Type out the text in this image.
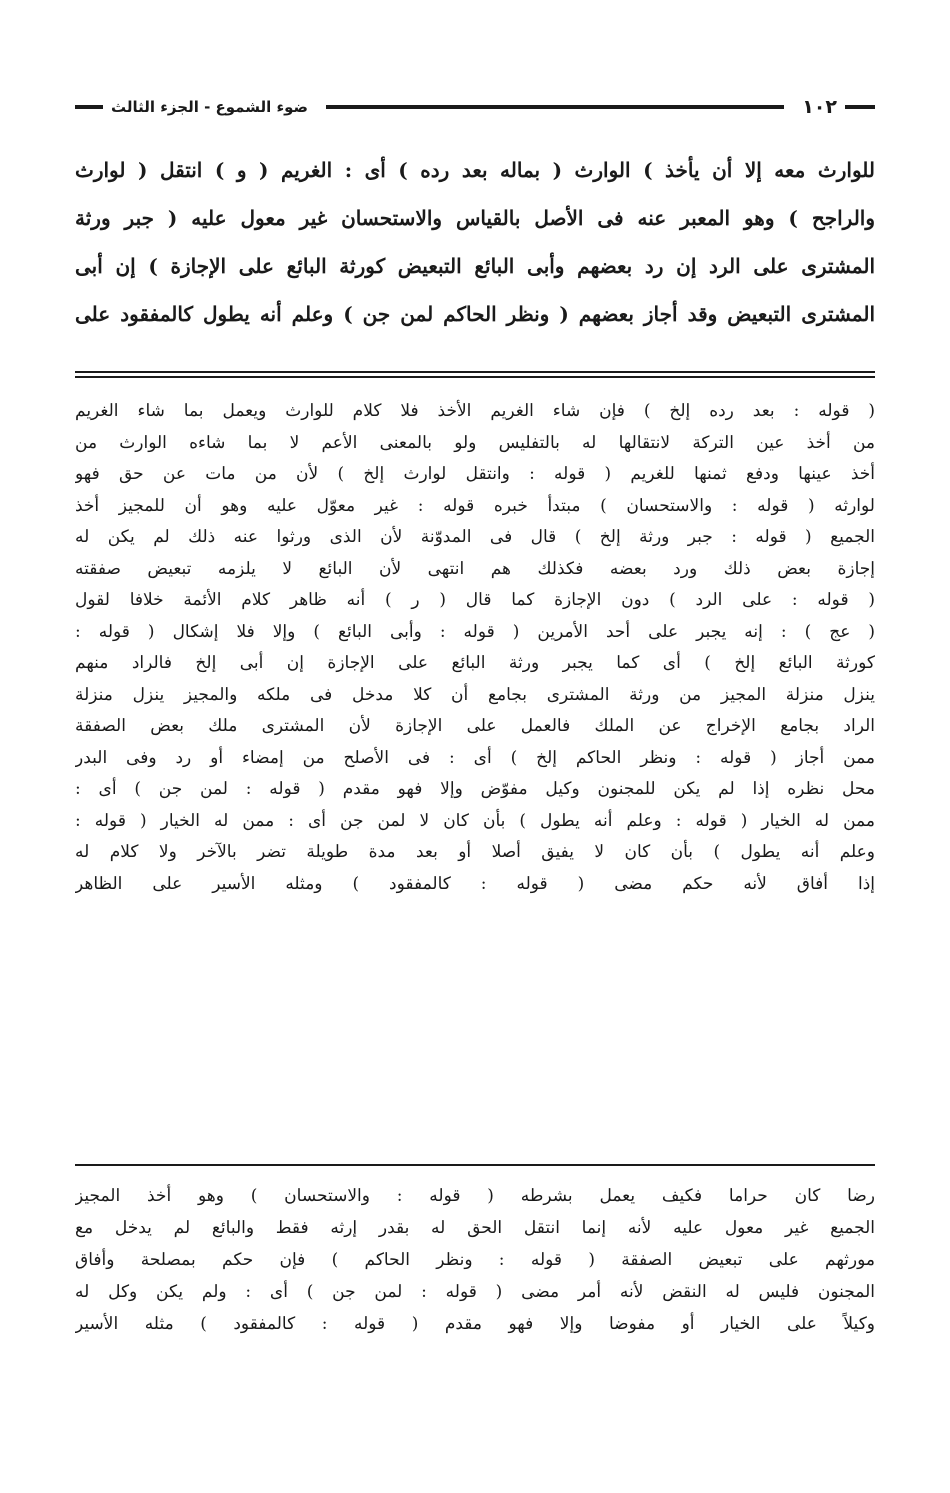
١٠٢
ضوء الشموع - الجزء الثالث
للوارث معه إلا أن يأخذ ) الوارث ( بماله بعد رده ) أى : الغريم ( و ) انتقل ( لوارث
والراجح ) وهو المعبر عنه فى الأصل بالقياس والاستحسان غير معول عليه ( جبر ورثة
المشترى على الرد إن رد بعضهم وأبى البائع التبعيض كورثة البائع على الإجازة ) إن أبى
المشترى التبعيض وقد أجاز بعضهم ( ونظر الحاكم لمن جن ) وعلم أنه يطول كالمفقود على
( قوله : بعد رده إلخ ) فإن شاء الغريم الأخذ فلا كلام للوارث ويعمل بما شاء الغريم
من أخذ عين التركة لانتقالها له بالتفليس ولو بالمعنى الأعم لا بما شاءه الوارث من
أخذ عينها ودفع ثمنها للغريم ( قوله : وانتقل لوارث إلخ ) لأن من مات عن حق فهو
لوارثه ( قوله : والاستحسان ) مبتدأ خبره قوله : غير معوّل عليه وهو أن للمجيز أخذ
الجميع ( قوله : جبر ورثة إلخ ) قال فى المدوّنة لأن الذى ورثوا عنه ذلك لم يكن له
إجازة بعض ذلك ورد بعضه فكذلك هم انتهى لأن البائع لا يلزمه تبعيض صفقته
( قوله : على الرد ) دون الإجازة كما قال ( ر ) أنه ظاهر كلام الأئمة خلافا لقول
( عج ) : إنه يجبر على أحد الأمرين ( قوله : وأبى البائع ) وإلا فلا إشكال ( قوله :
كورثة البائع إلخ ) أى كما يجبر ورثة البائع على الإجازة إن أبى إلخ فالراد منهم
ينزل منزلة المجيز من ورثة المشترى بجامع أن كلا مدخل فى ملكه والمجيز ينزل منزلة
الراد بجامع الإخراج عن الملك فالعمل على الإجازة لأن المشترى ملك بعض الصفقة
ممن أجاز ( قوله : ونظر الحاكم إلخ ) أى : فى الأصلح من إمضاء أو رد وفى البدر
محل نظره إذا لم يكن للمجنون وكيل مفوّض وإلا فهو مقدم ( قوله : لمن جن ) أى :
ممن له الخيار ( قوله : وعلم أنه يطول ) بأن كان لا لمن جن أى : ممن له الخيار ( قوله :
وعلم أنه يطول ) بأن كان لا يفيق أصلا أو بعد مدة طويلة تضر بالآخر ولا كلام له
إذا أفاق لأنه حكم مضى ( قوله : كالمفقود ) ومثله الأسير على الظاهر
رضا كان حراما فكيف يعمل بشرطه ( قوله : والاستحسان ) وهو أخذ المجيز
الجميع غير معول عليه لأنه إنما انتقل الحق له بقدر إرثه فقط والبائع لم يدخل مع
مورثهم على تبعيض الصفقة ( قوله : ونظر الحاكم ) فإن حكم بمصلحة وأفاق
المجنون فليس له النقض لأنه أمر مضى ( قوله : لمن جن ) أى : ولم يكن وكل له
وكيلاً على الخيار أو مفوضا وإلا فهو مقدم ( قوله : كالمفقود ) مثله الأسير
